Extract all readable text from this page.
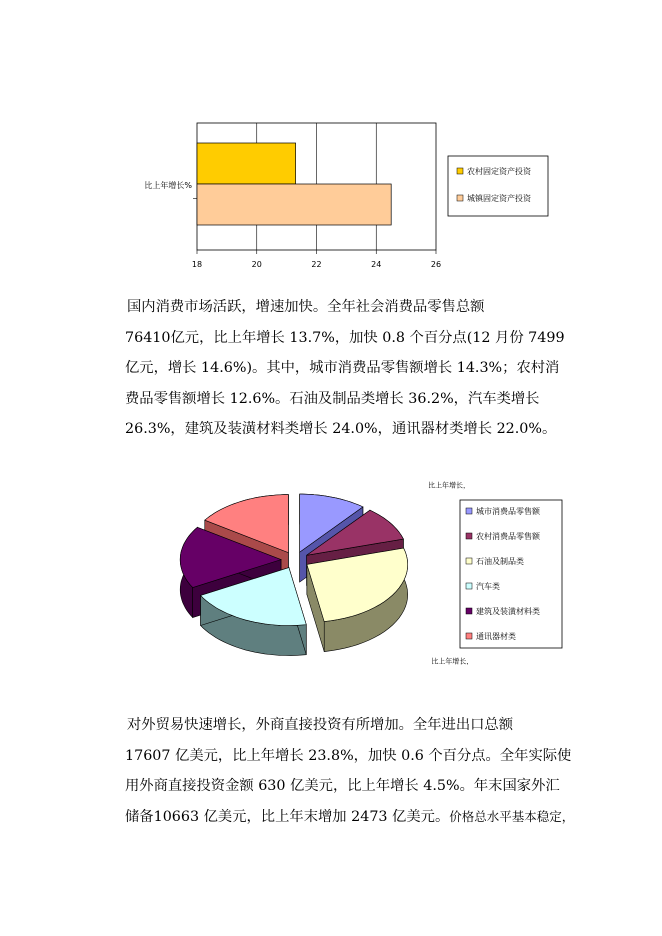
比上年增长%
18	20	22	24	26
农村固定资产投资
城镇固定资产投资
国内消费市场活跃，增速加快。全年社会消费品零售总额
76410亿元，比上年增长 13.7%，加快 0.8 个百分点(12 月份 7499
亿元，增长 14.6%)。其中，城市消费品零售额增长 14.3%；农村消
费品零售额增长 12.6%。石油及制品类增长 36.2%，汽车类增长
26.3%，建筑及装潢材料类增长 24.0%，通讯器材类增长 22.0%。
比上年增长，
比上年增长，
城市消费品零售额
农村消费品零售额
石油及制品类
汽车类
建筑及装潢材料类
通讯器材类
对外贸易快速增长，外商直接投资有所增加。全年进出口总额
17607 亿美元，比上年增长 23.8%，加快 0.6 个百分点。全年实际使
用外商直接投资金额 630 亿美元，比上年增长 4.5%。年末国家外汇
储备10663 亿美元，比上年末增加 2473 亿美元。价格总水平基本稳定，
